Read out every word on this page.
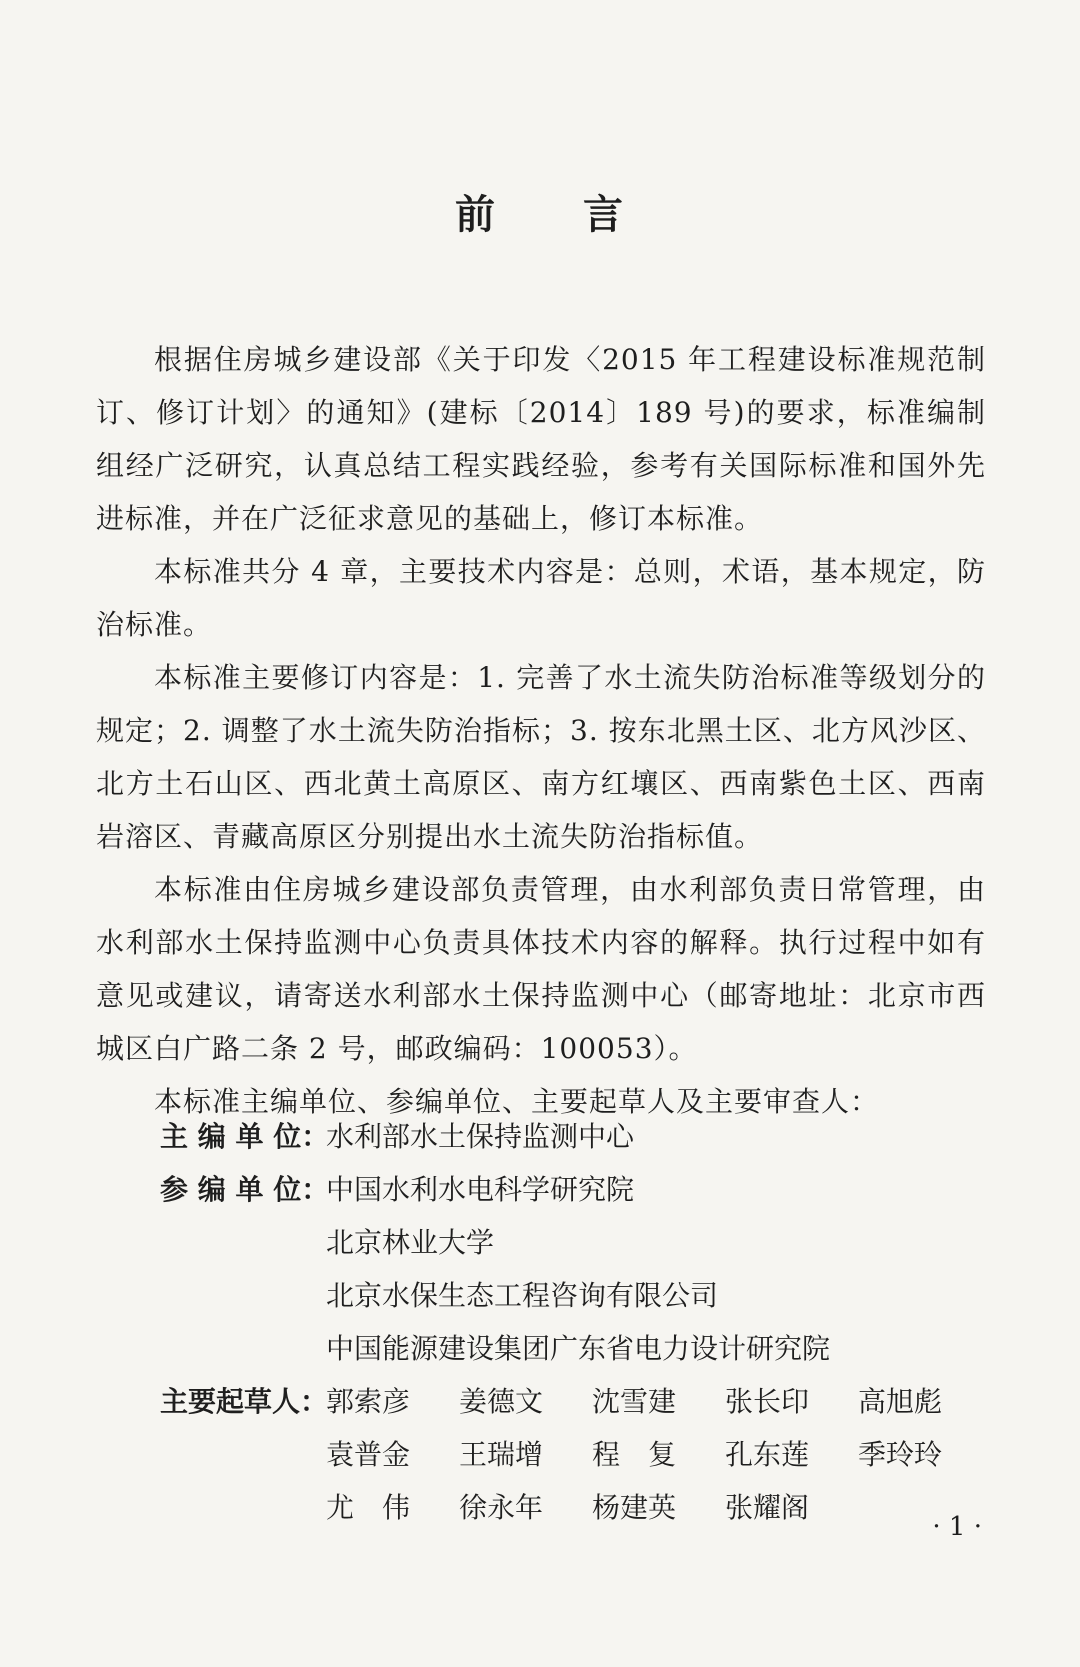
前 言

根据住房城乡建设部《关于印发〈2015 年工程建设标准规范制订、修订计划〉的通知》(建标〔2014〕189 号)的要求，标准编制组经广泛研究，认真总结工程实践经验，参考有关国际标准和国外先进标准，并在广泛征求意见的基础上，修订本标准。

本标准共分 4 章，主要技术内容是：总则，术语，基本规定，防治标准。

本标准主要修订内容是：1. 完善了水土流失防治标准等级划分的规定；2. 调整了水土流失防治指标；3. 按东北黑土区、北方风沙区、北方土石山区、西北黄土高原区、南方红壤区、西南紫色土区、西南岩溶区、青藏高原区分别提出水土流失防治指标值。

本标准由住房城乡建设部负责管理，由水利部负责日常管理，由水利部水土保持监测中心负责具体技术内容的解释。执行过程中如有意见或建议，请寄送水利部水土保持监测中心（邮寄地址：北京市西城区白广路二条 2 号，邮政编码：100053）。

本标准主编单位、参编单位、主要起草人及主要审查人：

主 编 单 位：水利部水土保持监测中心
参 编 单 位：中国水利水电科学研究院
北京林业大学
北京水保生态工程咨询有限公司
中国能源建设集团广东省电力设计研究院
主要起草人：郭索彦 姜德文 沈雪建 张长印 高旭彪
袁普金 王瑞增 程　复 孔东莲 季玲玲
尤　伟 徐永年 杨建英 张耀阁
· 1 ·
